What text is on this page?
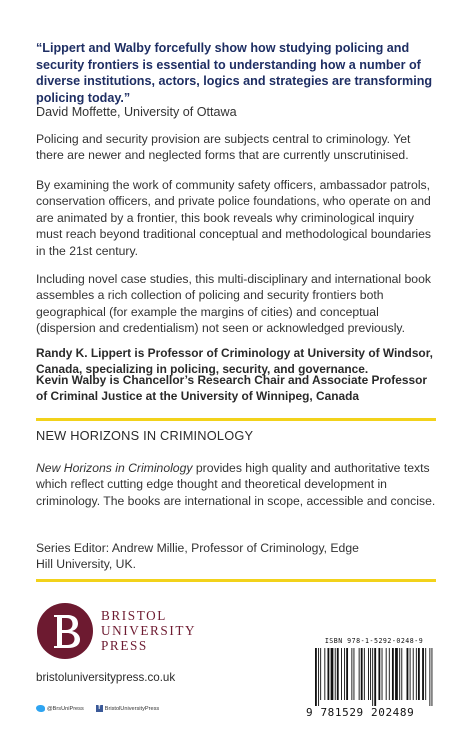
“Lippert and Walby forcefully show how studying policing and security frontiers is essential to understanding how a number of diverse institutions, actors, logics and strategies are transforming policing today.”

David Moffette, University of Ottawa

Policing and security provision are subjects central to criminology. Yet there are newer and neglected forms that are currently unscrutinised.

By examining the work of community safety officers, ambassador patrols, conservation officers, and private police foundations, who operate on and are animated by a frontier, this book reveals why criminological inquiry must reach beyond traditional conceptual and methodological boundaries in the 21st century.

Including novel case studies, this multi-disciplinary and international book assembles a rich collection of policing and security frontiers both geographical (for example the margins of cities) and conceptual (dispersion and credentialism) not seen or acknowledged previously.

Randy K. Lippert is Professor of Criminology at University of Windsor, Canada, specializing in policing, security, and governance.

Kevin Walby is Chancellor’s Research Chair and Associate Professor of Criminal Justice at the University of Winnipeg, Canada

NEW HORIZONS IN CRIMINOLOGY

New Horizons in Criminology provides high quality and authoritative texts which reflect cutting edge thought and theoretical development in criminology. The books are international in scope, accessible and concise.

Series Editor: Andrew Millie, Professor of Criminology, Edge Hill University, UK.

BRISTOL
UNIVERSITY
PRESS
bristoluniversitypress.co.uk
@BrsUniPress	f BristolUniversityPress
ISBN 978-1-5292-0248-9
9 781529 202489
